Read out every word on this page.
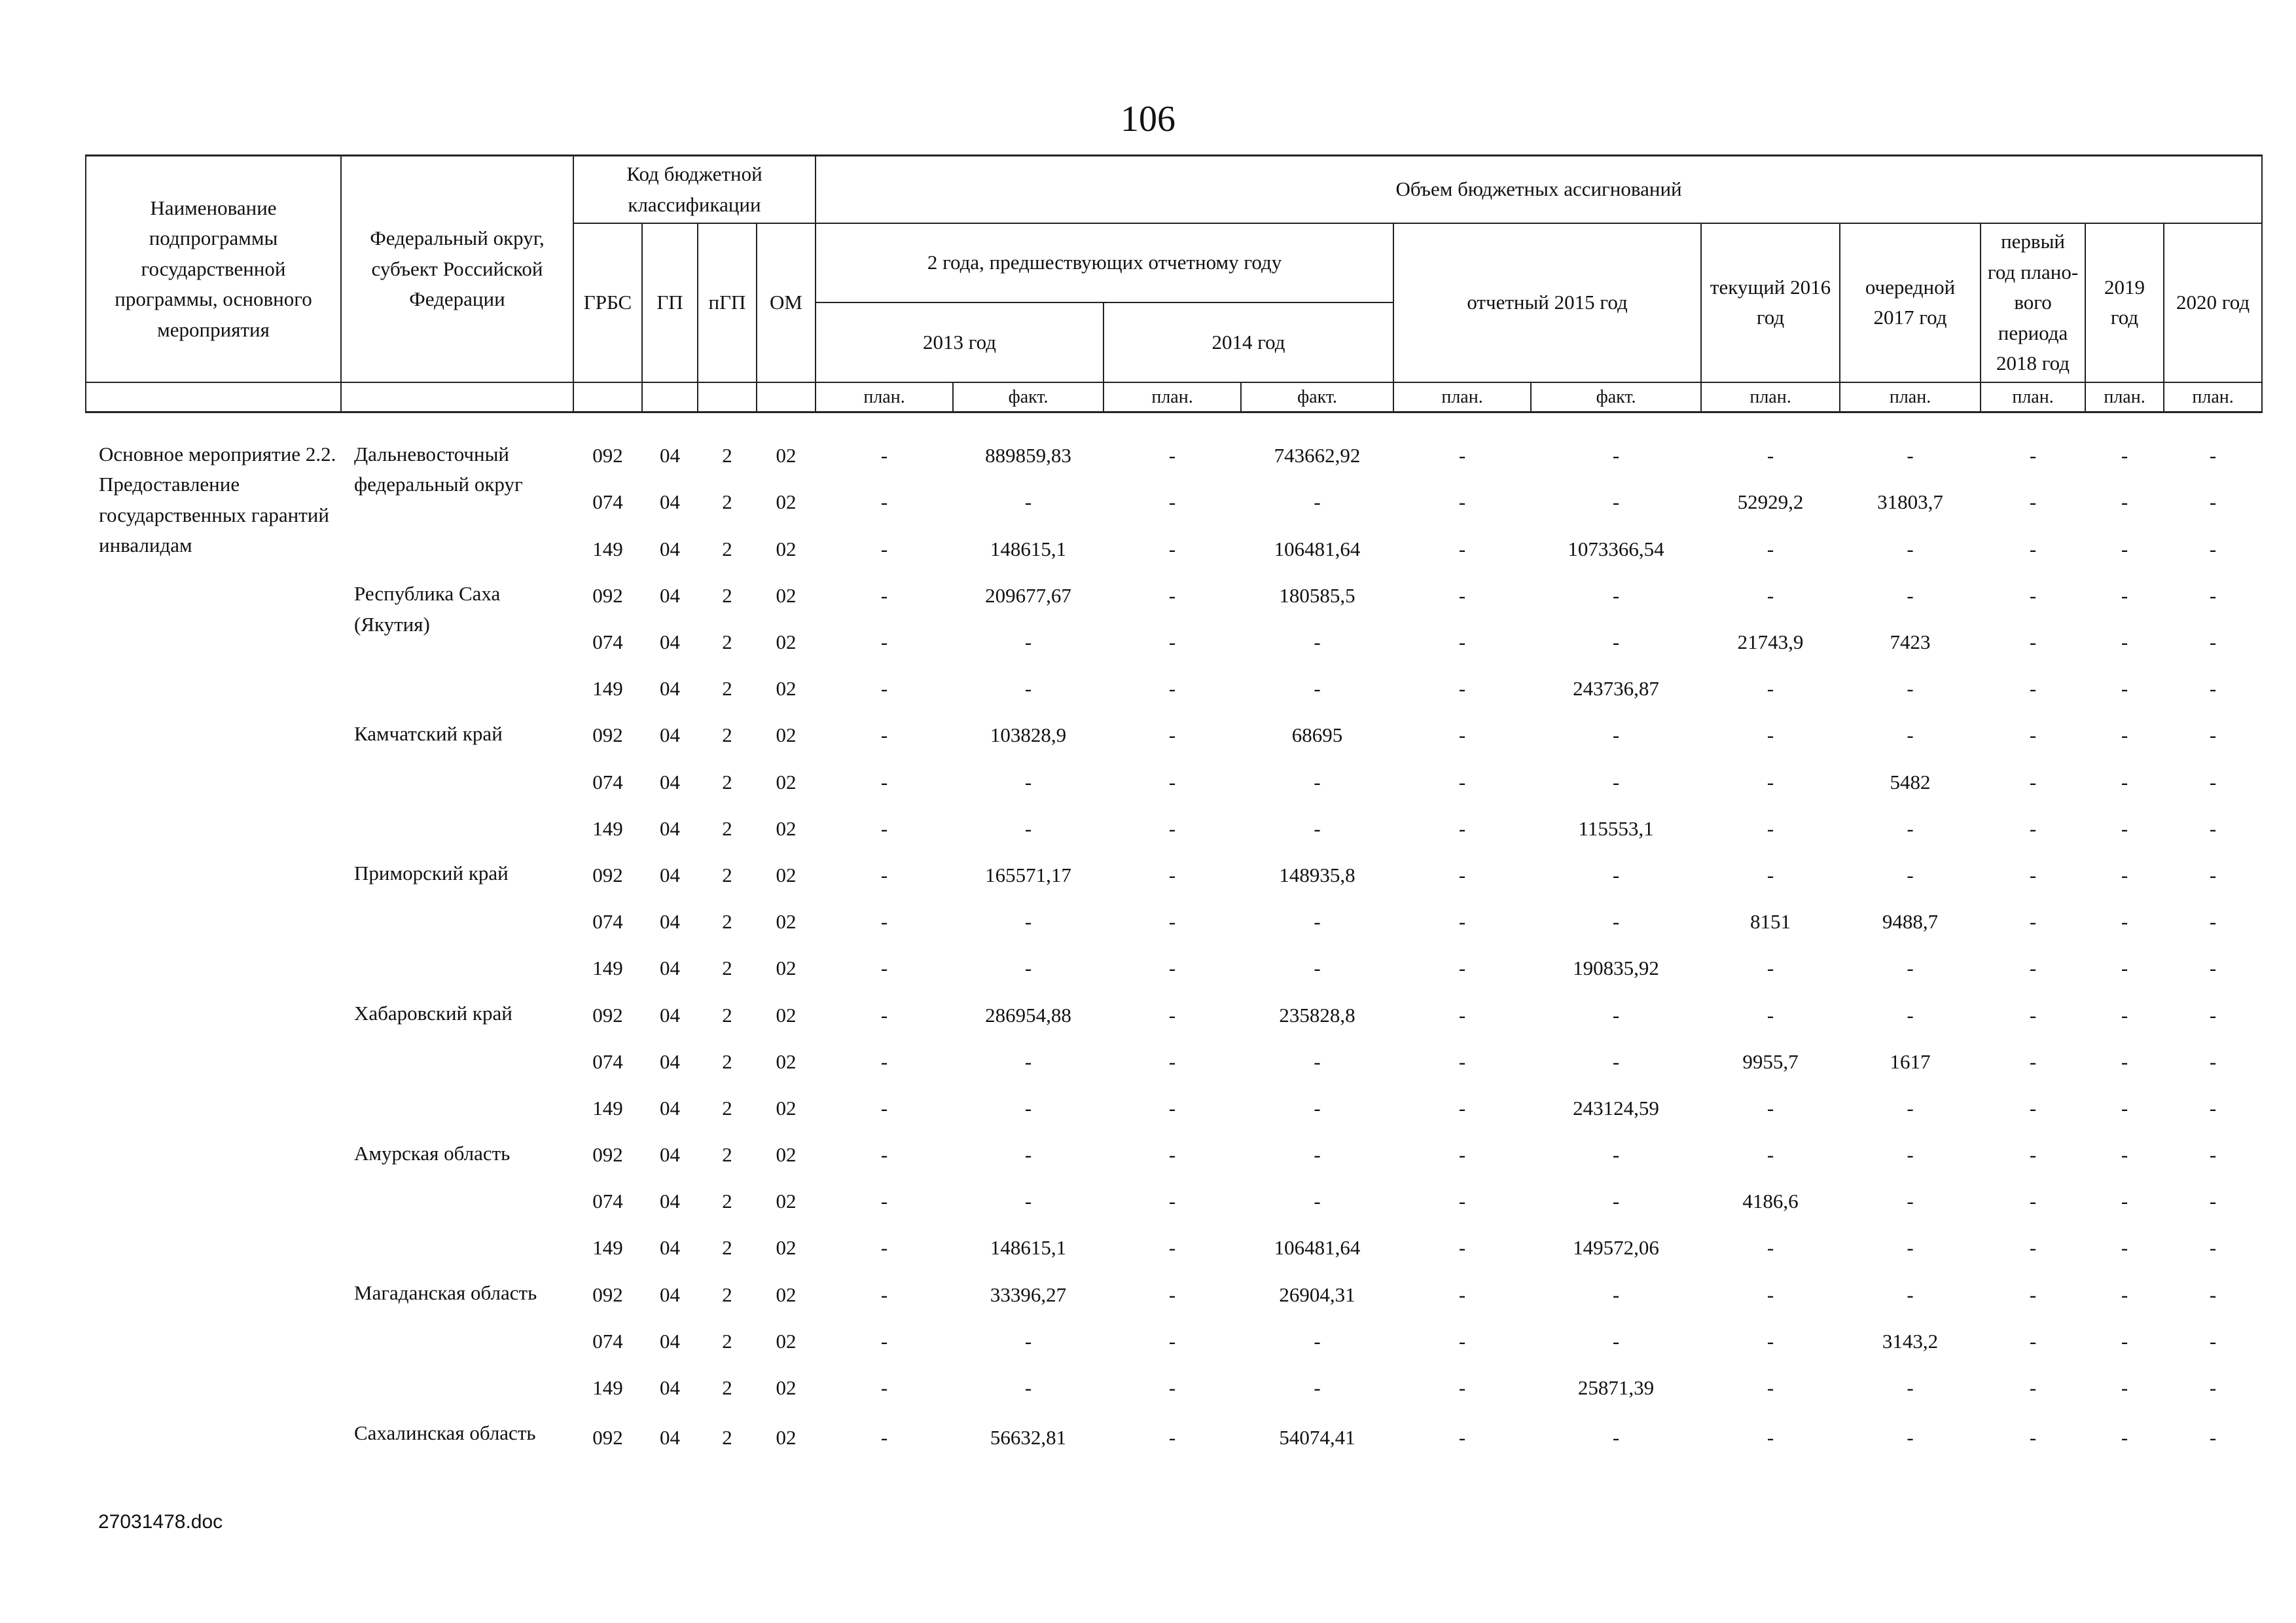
106
Наименование подпрограммы государственной программы, основного мероприятия	Федеральный округ, субъект Российской Федерации	Код бюджетной классификации				Объем бюджетных ассигнований										
		ГРБС	ГП	пГП	ОМ	2 года, предшествующих отчетному году				отчетный 2015 год		текущий 2016 год	очередной 2017 год	первый год плано-вого периода 2018 год	2019 год	2020 год
						2013 год		2014 год								
						план.	факт.	план.	факт.	план.	факт.	план.	план.	план.	план.	план.

Основное мероприятие 2.2. Предоставление государственных гарантий инвалидам	Дальневосточный федеральный округ	092	04	2	02	-	889859,83	-	743662,92	-	-	-	-	-	-	-
		074	04	2	02	-	-	-	-	-	-	52929,2	31803,7	-	-	-
		149	04	2	02	-	148615,1	-	106481,64	-	1073366,54	-	-	-	-	-
	Республика Саха (Якутия)	092	04	2	02	-	209677,67	-	180585,5	-	-	-	-	-	-	-
		074	04	2	02	-	-	-	-	-	-	21743,9	7423	-	-	-
		149	04	2	02	-	-	-	-	-	243736,87	-	-	-	-	-
	Камчатский край	092	04	2	02	-	103828,9	-	68695	-	-	-	-	-	-	-
		074	04	2	02	-	-	-	-	-	-	-	5482	-	-	-
		149	04	2	02	-	-	-	-	-	115553,1	-	-	-	-	-
	Приморский край	092	04	2	02	-	165571,17	-	148935,8	-	-	-	-	-	-	-
		074	04	2	02	-	-	-	-	-	-	8151	9488,7	-	-	-
		149	04	2	02	-	-	-	-	-	190835,92	-	-	-	-	-
	Хабаровский край	092	04	2	02	-	286954,88	-	235828,8	-	-	-	-	-	-	-
		074	04	2	02	-	-	-	-	-	-	9955,7	1617	-	-	-
		149	04	2	02	-	-	-	-	-	243124,59	-	-	-	-	-
	Амурская область	092	04	2	02	-	-	-	-	-	-	-	-	-	-	-
		074	04	2	02	-	-	-	-	-	-	4186,6	-	-	-	-
		149	04	2	02	-	148615,1	-	106481,64	-	149572,06	-	-	-	-	-
	Магаданская область	092	04	2	02	-	33396,27	-	26904,31	-	-	-	-	-	-	-
		074	04	2	02	-	-	-	-	-	-	-	3143,2	-	-	-
		149	04	2	02	-	-	-	-	-	25871,39	-	-	-	-	-
	Сахалинская область	092	04	2	02	-	56632,81	-	54074,41	-	-	-	-	-	-	-
27031478.doc
